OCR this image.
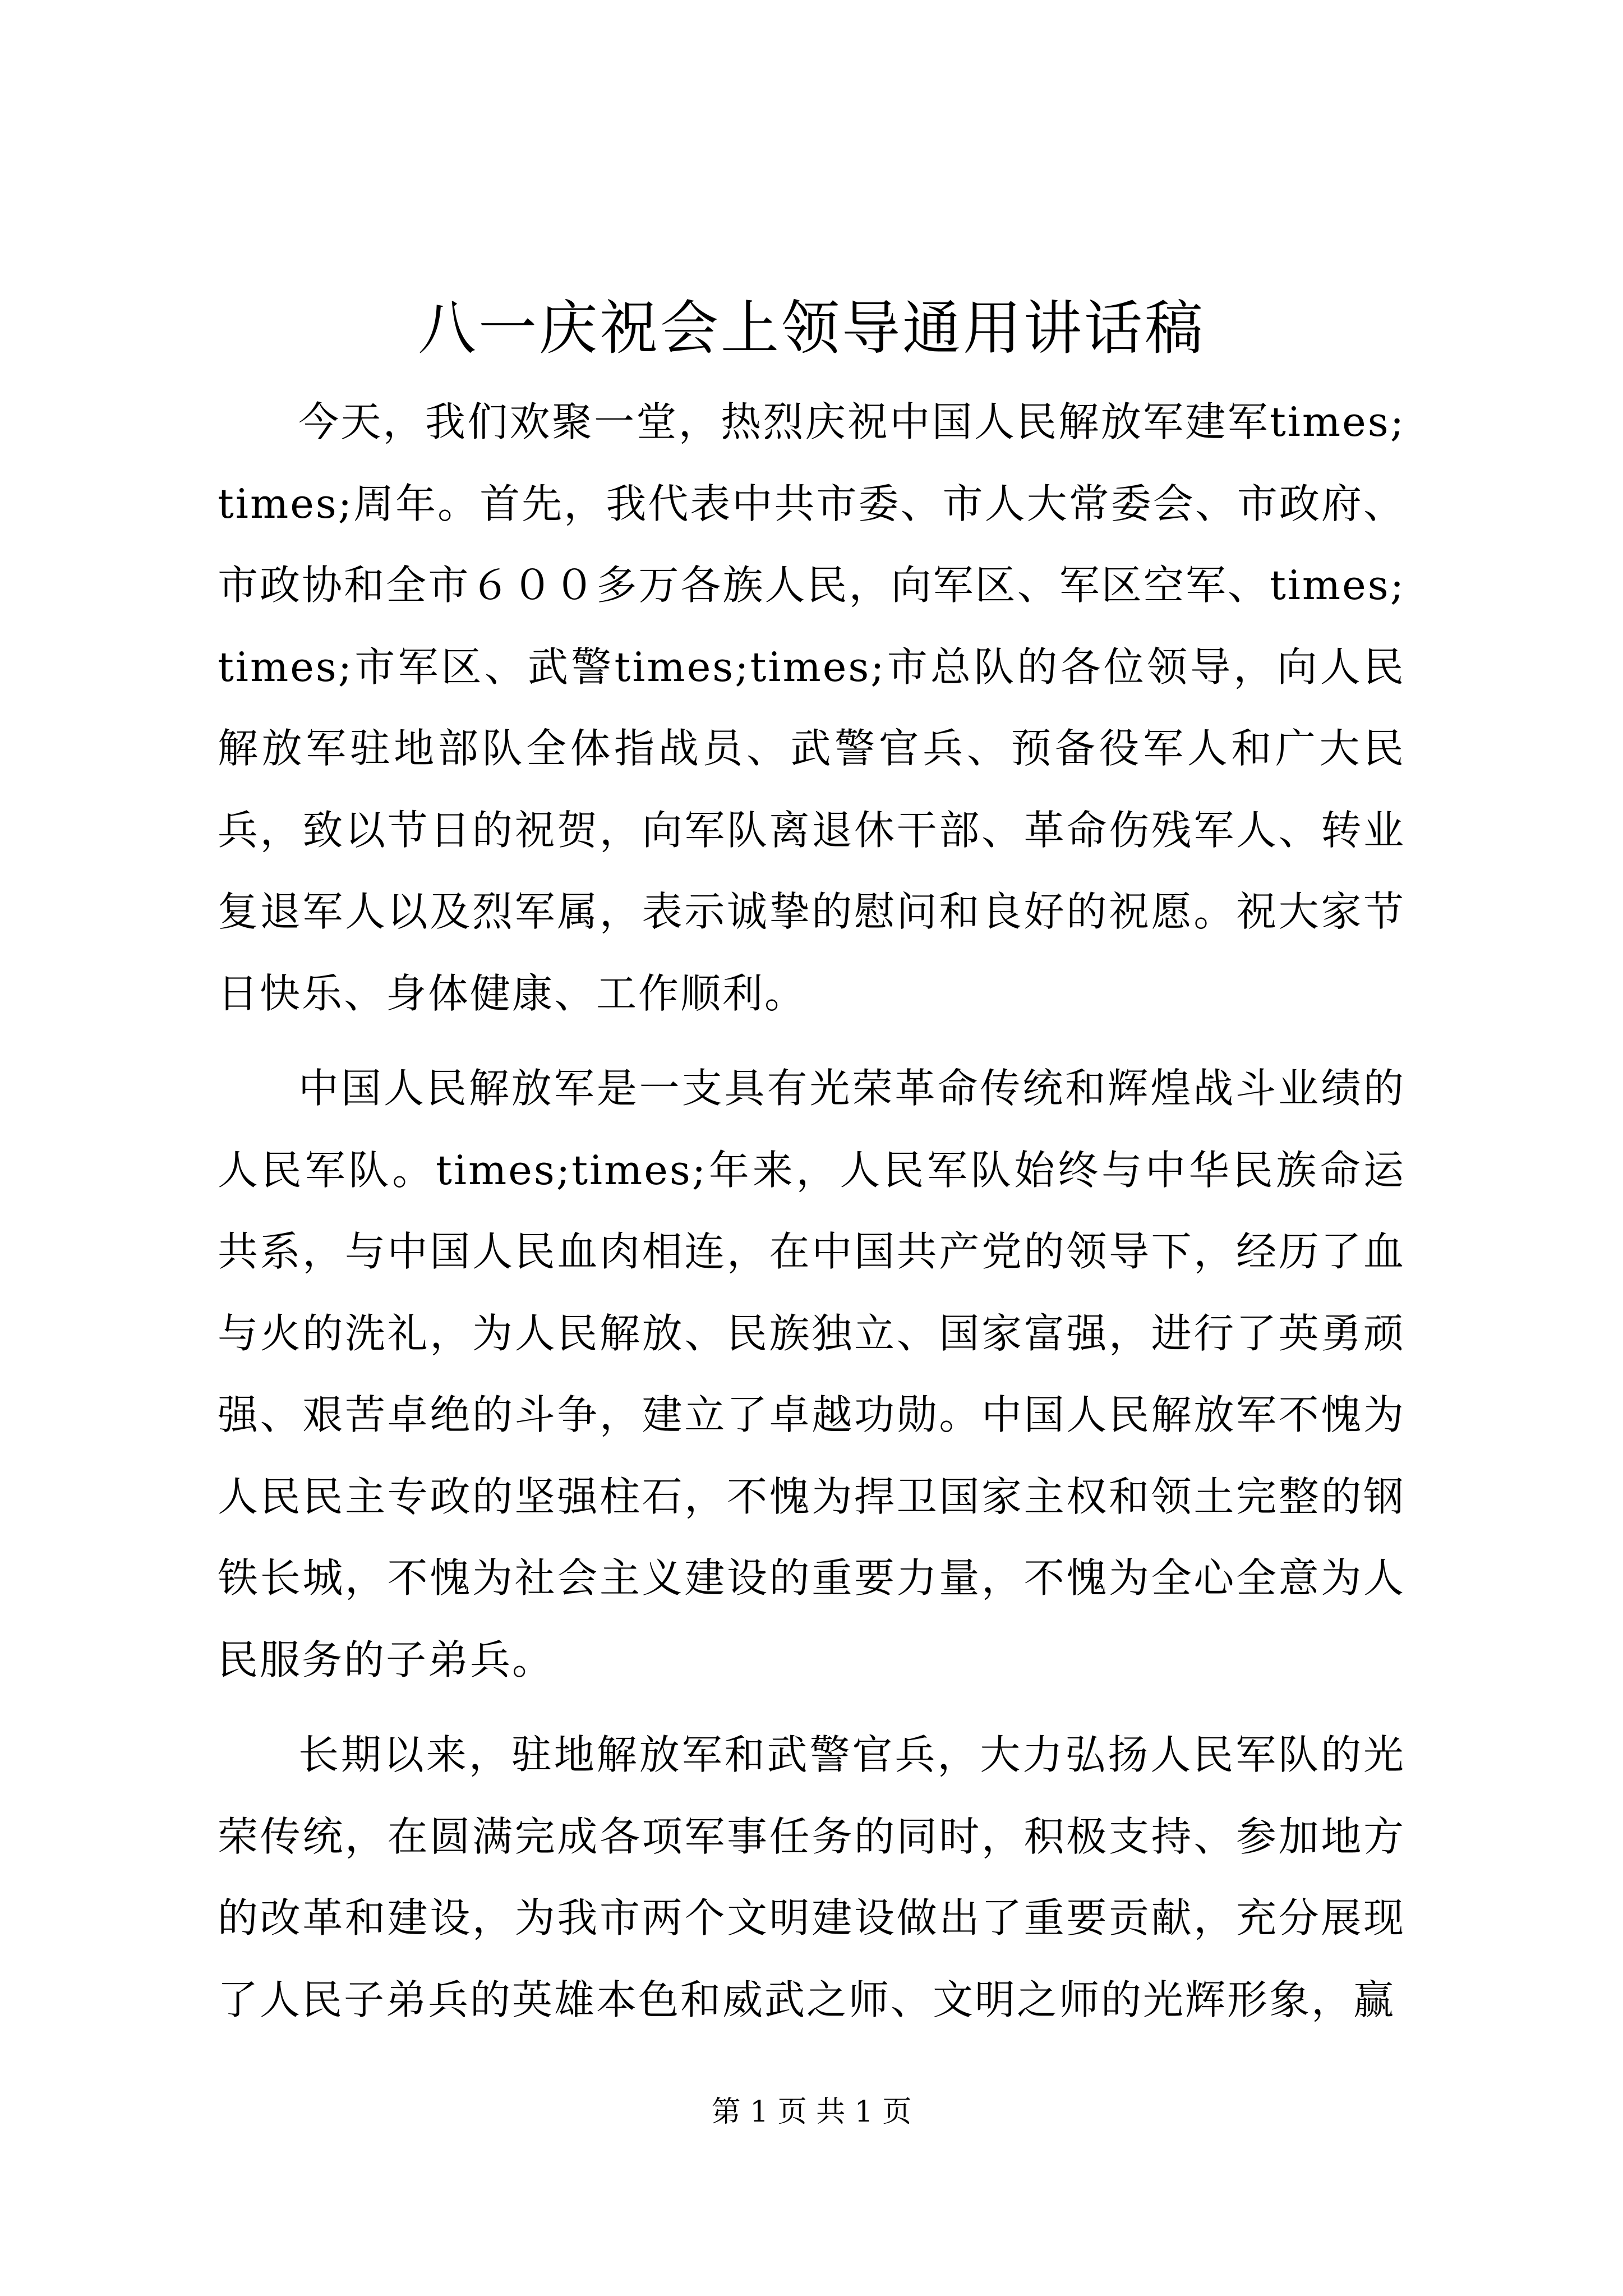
八一庆祝会上领导通用讲话稿

今天，我们欢聚一堂，热烈庆祝中国人民解放军建军times;times;周年。首先，我代表中共市委、市人大常委会、市政府、市政协和全市６００多万各族人民，向军区、军区空军、times;times;市军区、武警times;times;市总队的各位领导，向人民解放军驻地部队全体指战员、武警官兵、预备役军人和广大民兵，致以节日的祝贺，向军队离退休干部、革命伤残军人、转业复退军人以及烈军属，表示诚挚的慰问和良好的祝愿。祝大家节日快乐、身体健康、工作顺利。

中国人民解放军是一支具有光荣革命传统和辉煌战斗业绩的人民军队。times;times;年来，人民军队始终与中华民族命运共系，与中国人民血肉相连，在中国共产党的领导下，经历了血与火的洗礼，为人民解放、民族独立、国家富强，进行了英勇顽强、艰苦卓绝的斗争，建立了卓越功勋。中国人民解放军不愧为人民民主专政的坚强柱石，不愧为捍卫国家主权和领土完整的钢铁长城，不愧为社会主义建设的重要力量，不愧为全心全意为人民服务的子弟兵。

长期以来，驻地解放军和武警官兵，大力弘扬人民军队的光荣传统，在圆满完成各项军事任务的同时，积极支持、参加地方的改革和建设，为我市两个文明建设做出了重要贡献，充分展现了人民子弟兵的英雄本色和威武之师、文明之师的光辉形象，赢

第 1 页 共 1 页
